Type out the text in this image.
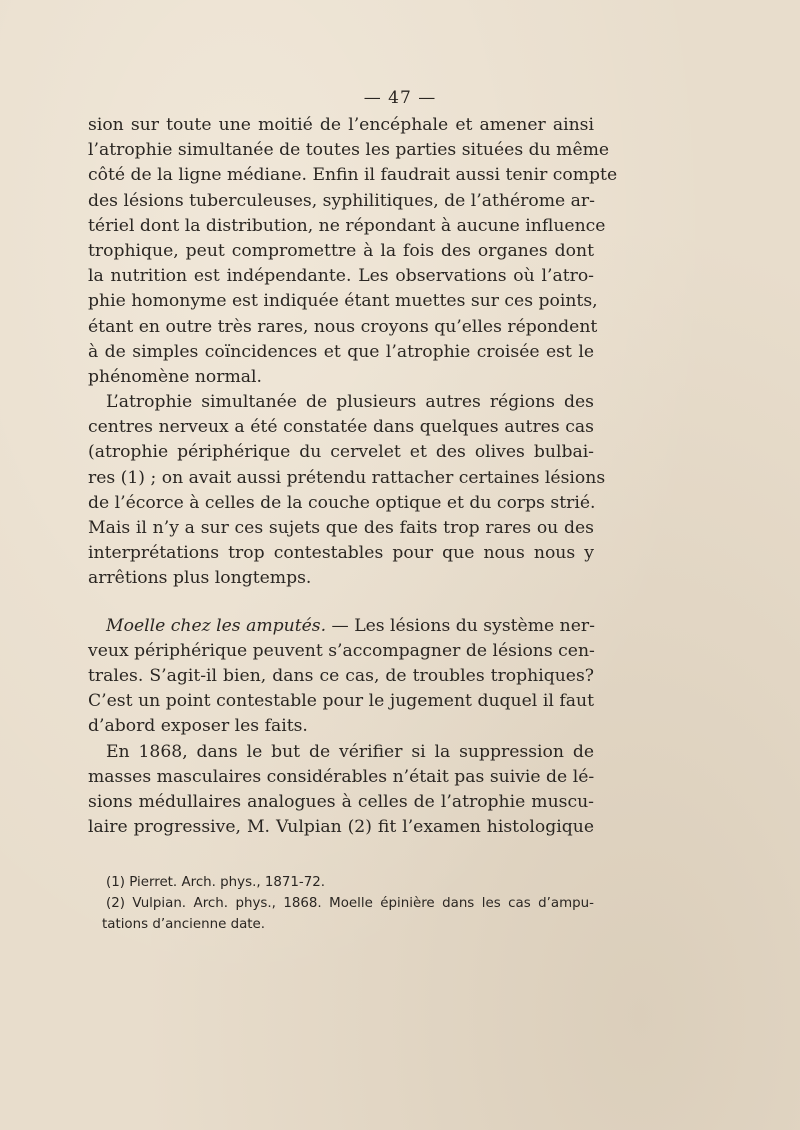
— 47 —
sion sur toute une moitié de l’encéphale et amener ainsi
l’atrophie simultanée de toutes les parties situées du même
côté de la ligne médiane. Enfin il faudrait aussi tenir compte
des lésions tuberculeuses, syphilitiques, de l’athérome ar-
tériel dont la distribution, ne répondant à aucune influence
trophique, peut compromettre à la fois des organes dont
la nutrition est indépendante. Les observations où l’atro-
phie homonyme est indiquée étant muettes sur ces points,
étant en outre très rares, nous croyons qu’elles répondent
à de simples coïncidences et que l’atrophie croisée est le
phénomène normal.
L’atrophie simultanée de plusieurs autres régions des
centres nerveux a été constatée dans quelques autres cas
(atrophie périphérique du cervelet et des olives bulbai-
res (1) ; on avait aussi prétendu rattacher certaines lésions
de l’écorce à celles de la couche optique et du corps strié.
Mais il n’y a sur ces sujets que des faits trop rares ou des
interprétations trop contestables pour que nous nous y
arrêtions plus longtemps.
Moelle chez les amputés. — Les lésions du système ner-
veux périphérique peuvent s’accompagner de lésions cen-
trales. S’agit-il bien, dans ce cas, de troubles trophiques?
C’est un point contestable pour le jugement duquel il faut
d’abord exposer les faits.
En 1868, dans le but de vérifier si la suppression de
masses masculaires considérables n’était pas suivie de lé-
sions médullaires analogues à celles de l’atrophie muscu-
laire progressive, M. Vulpian (2) fit l’examen histologique
(1) Pierret. Arch. phys., 1871-72.
(2) Vulpian. Arch. phys., 1868. Moelle épinière dans les cas d’ampu-
tations d’ancienne date.
